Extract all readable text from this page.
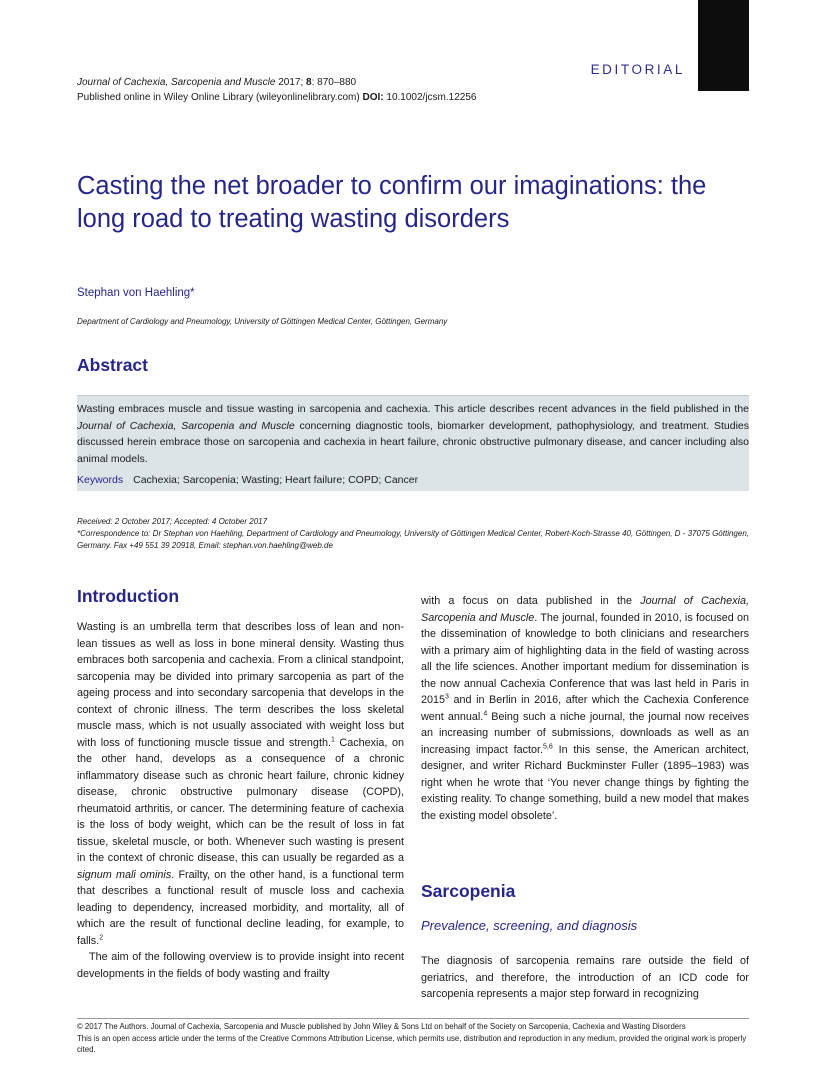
EDITORIAL
Journal of Cachexia, Sarcopenia and Muscle 2017; 8: 870–880
Published online in Wiley Online Library (wileyonlinelibrary.com) DOI: 10.1002/jcsm.12256
Casting the net broader to confirm our imaginations: the long road to treating wasting disorders
Stephan von Haehling*
Department of Cardiology and Pneumology, University of Göttingen Medical Center, Göttingen, Germany
Abstract
Wasting embraces muscle and tissue wasting in sarcopenia and cachexia. This article describes recent advances in the field published in the Journal of Cachexia, Sarcopenia and Muscle concerning diagnostic tools, biomarker development, pathophysiology, and treatment. Studies discussed herein embrace those on sarcopenia and cachexia in heart failure, chronic obstructive pulmonary disease, and cancer including also animal models.
Keywords Cachexia; Sarcopenia; Wasting; Heart failure; COPD; Cancer
Received: 2 October 2017; Accepted: 4 October 2017
*Correspondence to: Dr Stephan von Haehling, Department of Cardiology and Pneumology, University of Göttingen Medical Center, Robert-Koch-Strasse 40, Göttingen, D - 37075 Göttingen, Germany. Fax +49 551 39 20918, Email: stephan.von.haehling@web.de
Introduction

Wasting is an umbrella term that describes loss of lean and non-lean tissues as well as loss in bone mineral density. Wasting thus embraces both sarcopenia and cachexia. From a clinical standpoint, sarcopenia may be divided into primary sarcopenia as part of the ageing process and into secondary sarcopenia that develops in the context of chronic illness. The term describes the loss skeletal muscle mass, which is not usually associated with weight loss but with loss of functioning muscle tissue and strength.$^1$ Cachexia, on the other hand, develops as a consequence of a chronic inflammatory disease such as chronic heart failure, chronic kidney disease, chronic obstructive pulmonary disease (COPD), rheumatoid arthritis, or cancer. The determining feature of cachexia is the loss of body weight, which can be the result of loss in fat tissue, skeletal muscle, or both. Whenever such wasting is present in the context of chronic disease, this can usually be regarded as a signum mali ominis. Frailty, on the other hand, is a functional term that describes a functional result of muscle loss and cachexia leading to dependency, increased morbidity, and mortality, all of which are the result of functional decline leading, for example, to falls.$^2$

The aim of the following overview is to provide insight into recent developments in the fields of body wasting and frailty

with a focus on data published in the Journal of Cachexia, Sarcopenia and Muscle. The journal, founded in 2010, is focused on the dissemination of knowledge to both clinicians and researchers with a primary aim of highlighting data in the field of wasting across all the life sciences. Another important medium for dissemination is the now annual Cachexia Conference that was last held in Paris in 2015$^3$ and in Berlin in 2016, after which the Cachexia Conference went annual.$^4$ Being such a niche journal, the journal now receives an increasing number of submissions, downloads as well as an increasing impact factor.$^{5,6}$ In this sense, the American architect, designer, and writer Richard Buckminster Fuller (1895–1983) was right when he wrote that ‘You never change things by fighting the existing reality. To change something, build a new model that makes the existing model obsolete’.

Sarcopenia
Prevalence, screening, and diagnosis
The diagnosis of sarcopenia remains rare outside the field of geriatrics, and therefore, the introduction of an ICD code for sarcopenia represents a major step forward in recognizing
© 2017 The Authors. Journal of Cachexia, Sarcopenia and Muscle published by John Wiley & Sons Ltd on behalf of the Society on Sarcopenia, Cachexia and Wasting Disorders
This is an open access article under the terms of the Creative Commons Attribution License, which permits use, distribution and reproduction in any medium, provided the original work is properly cited.
